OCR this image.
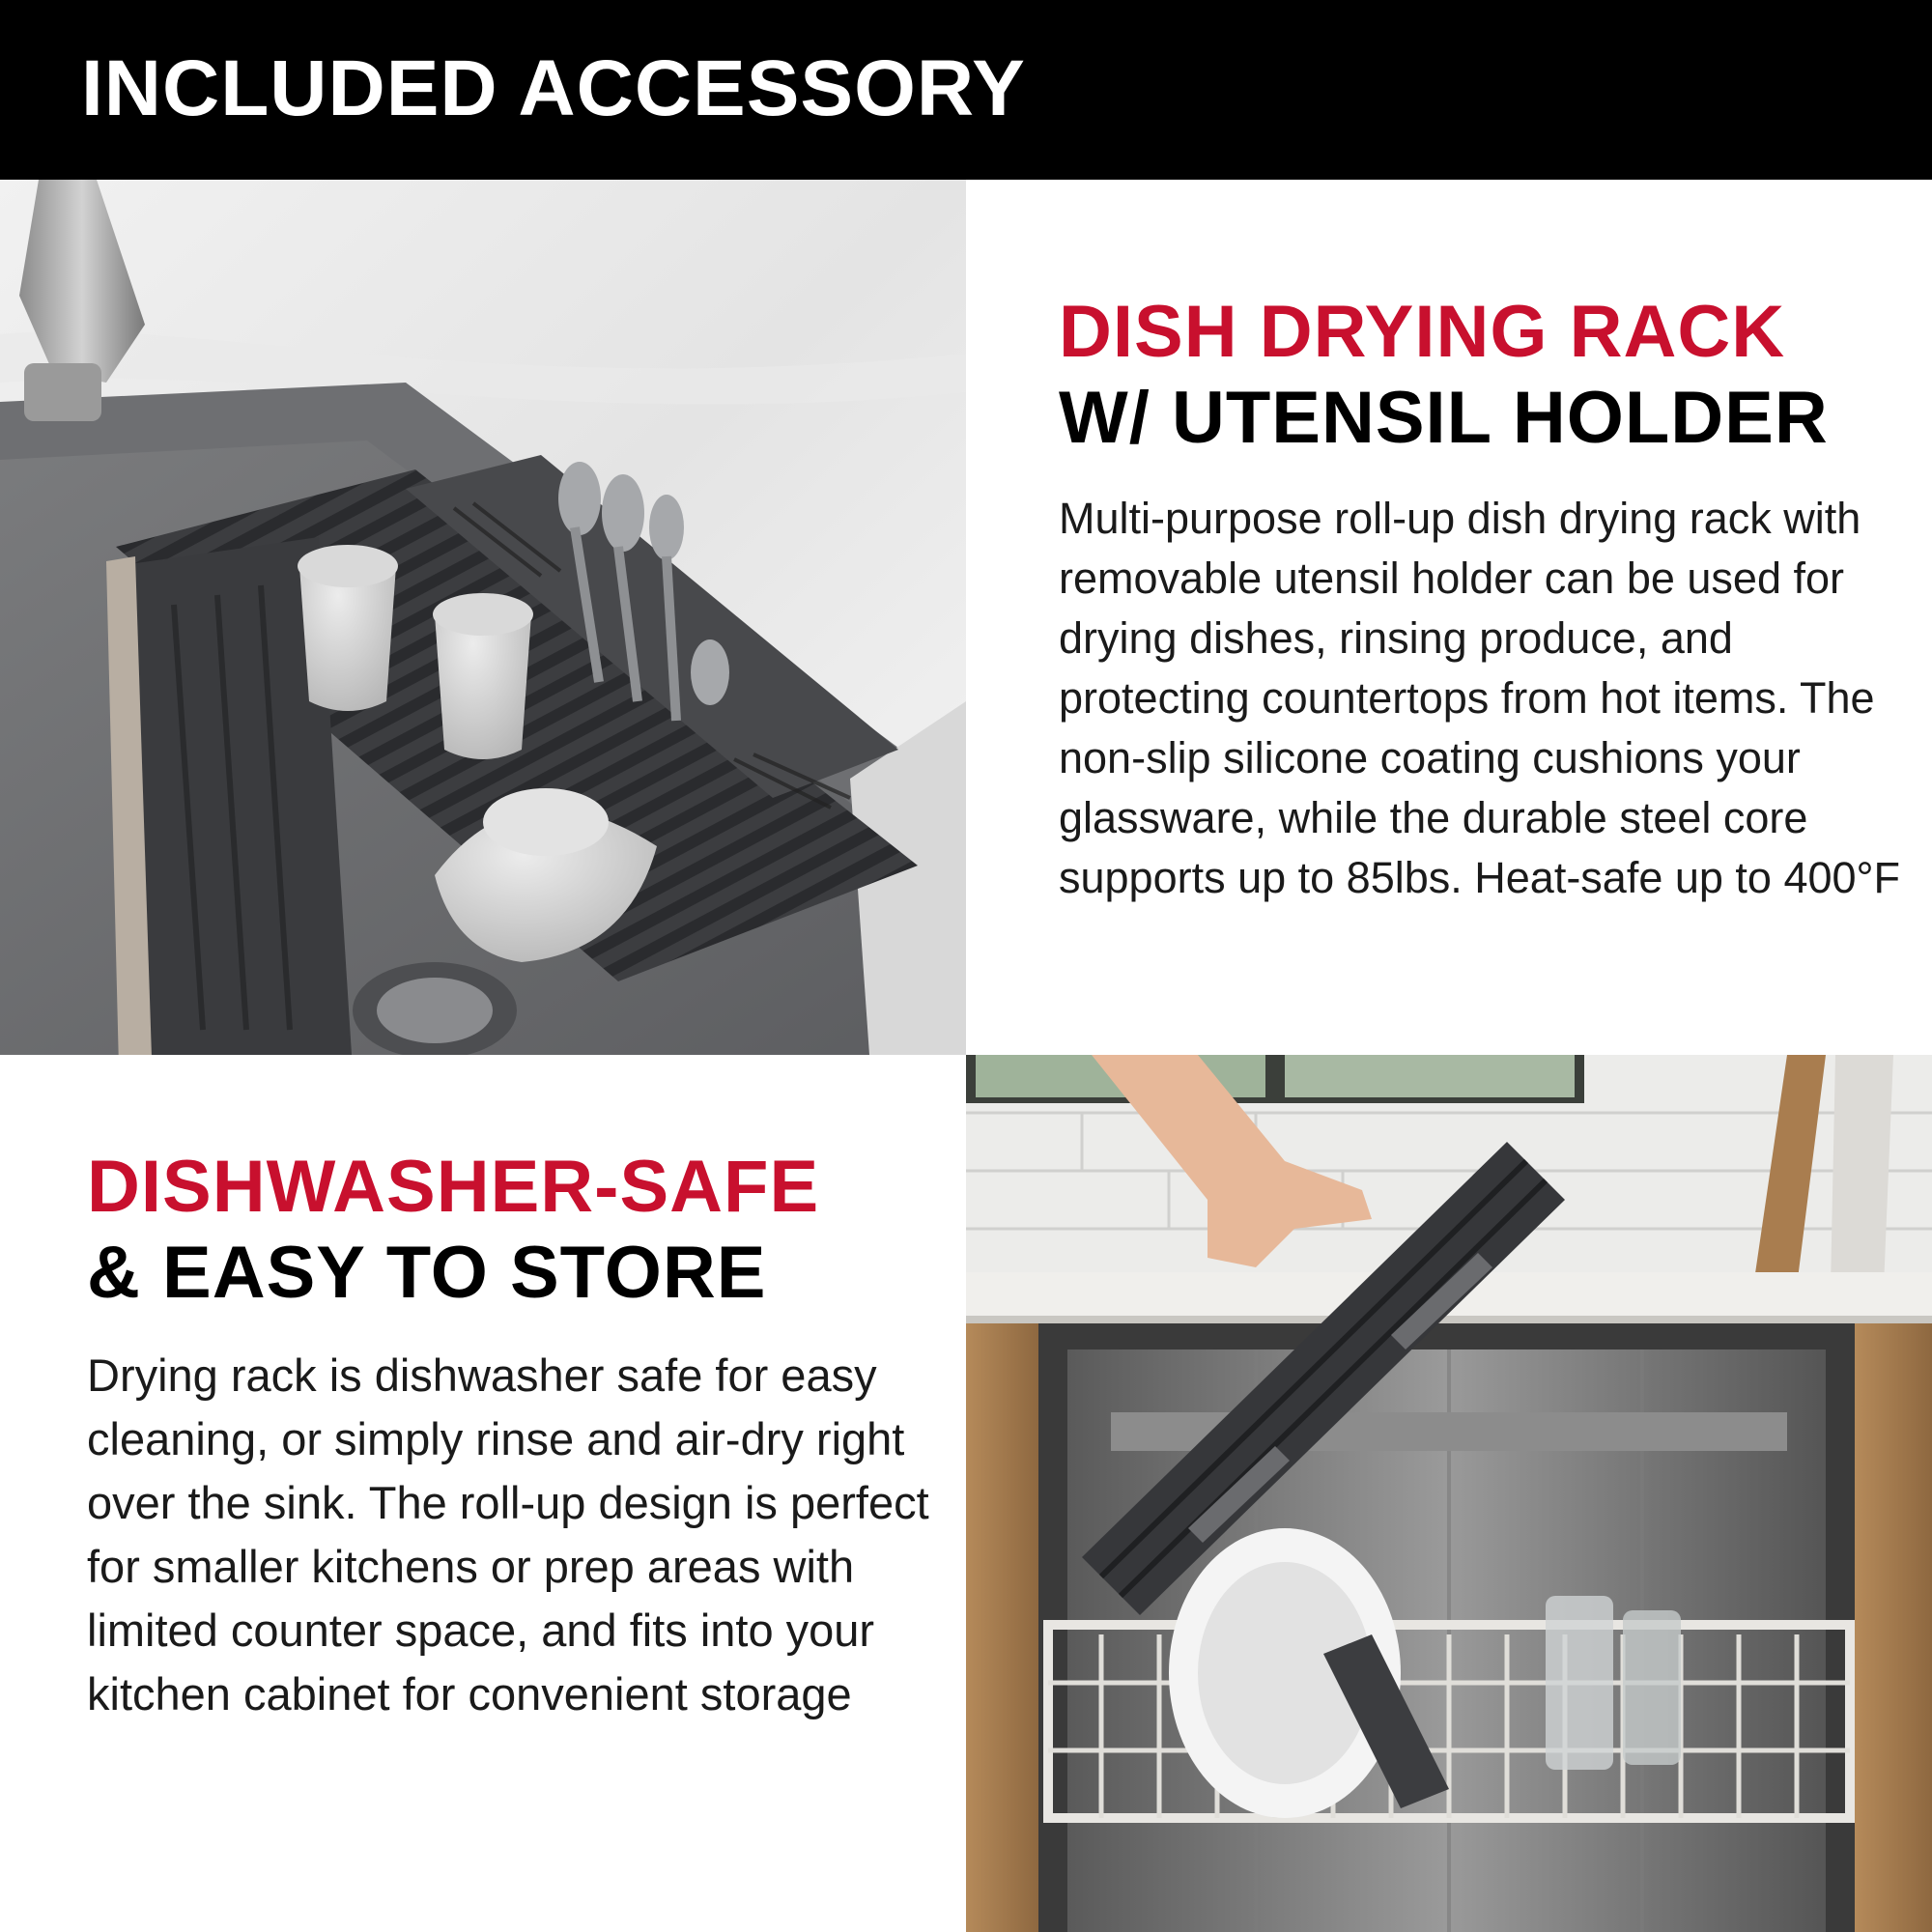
INCLUDED ACCESSORY
DISH DRYING RACK
W/ UTENSIL HOLDER
Multi-purpose roll-up dish drying rack with removable utensil holder can be used for drying dishes, rinsing produce, and protecting countertops from hot items. The non-slip silicone coating cushions your glassware, while the durable steel core supports up to 85lbs. Heat-safe up to 400°F
DISHWASHER-SAFE
& EASY TO STORE
Drying rack is dishwasher safe for easy cleaning, or simply rinse and air-dry right over the sink. The roll-up design is perfect for smaller kitchens or prep areas with limited counter space, and fits into your kitchen cabinet for convenient storage
